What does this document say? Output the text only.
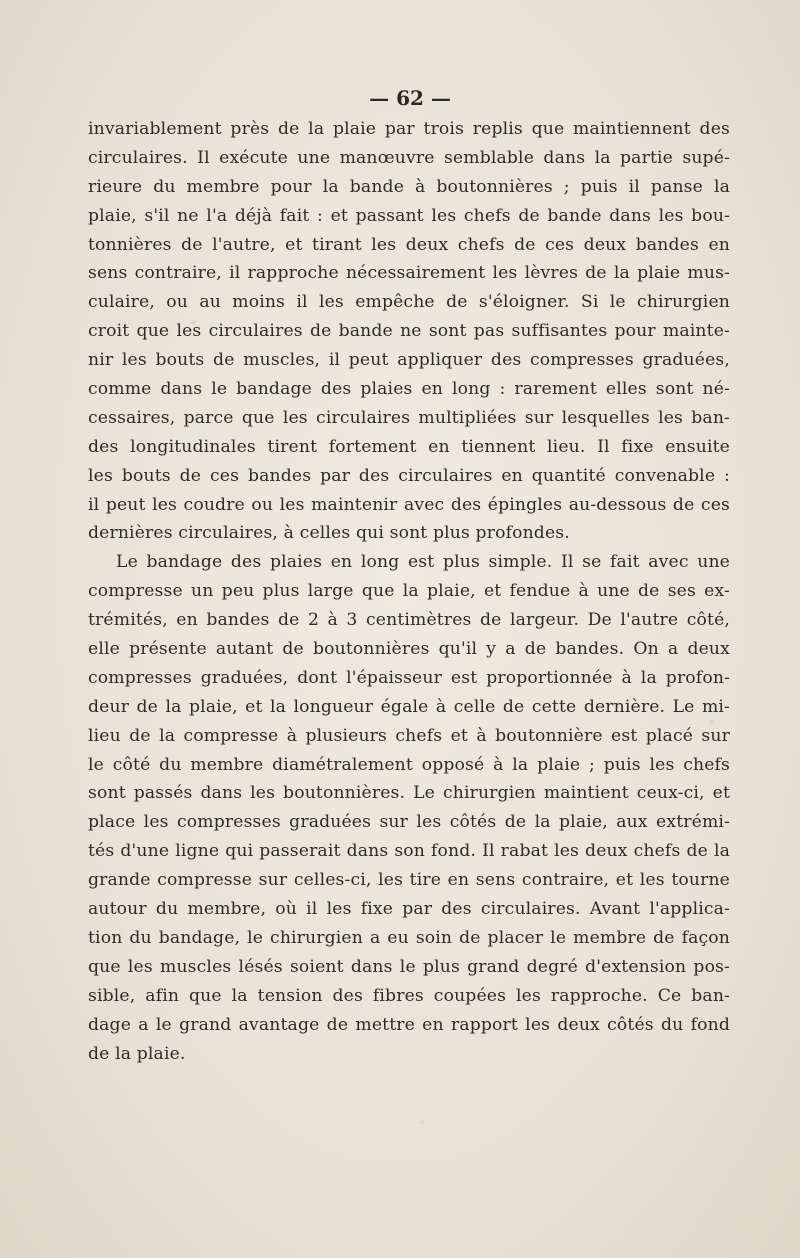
— 62 —
invariablement près de la plaie par trois replis que maintiennent des
circulaires. Il exécute une manœuvre semblable dans la partie supé-
rieure du membre pour la bande à boutonnières ; puis il panse la
plaie, s'il ne l'a déjà fait : et passant les chefs de bande dans les bou-
tonnières de l'autre, et tirant les deux chefs de ces deux bandes en
sens contraire, il rapproche nécessairement les lèvres de la plaie mus-
culaire, ou au moins il les empêche de s'éloigner. Si le chirurgien
croit que les circulaires de bande ne sont pas suffisantes pour mainte-
nir les bouts de muscles, il peut appliquer des compresses graduées,
comme dans le bandage des plaies en long : rarement elles sont né-
cessaires, parce que les circulaires multipliées sur lesquelles les ban-
des longitudinales tirent fortement en tiennent lieu. Il fixe ensuite
les bouts de ces bandes par des circulaires en quantité convenable :
il peut les coudre ou les maintenir avec des épingles au-dessous de ces
dernières circulaires, à celles qui sont plus profondes.
Le bandage des plaies en long est plus simple. Il se fait avec une
compresse un peu plus large que la plaie, et fendue à une de ses ex-
trémités, en bandes de 2 à 3 centimètres de largeur. De l'autre côté,
elle présente autant de boutonnières qu'il y a de bandes. On a deux
compresses graduées, dont l'épaisseur est proportionnée à la profon-
deur de la plaie, et la longueur égale à celle de cette dernière. Le mi-
lieu de la compresse à plusieurs chefs et à boutonnière est placé sur
le côté du membre diamétralement opposé à la plaie ; puis les chefs
sont passés dans les boutonnières. Le chirurgien maintient ceux-ci, et
place les compresses graduées sur les côtés de la plaie, aux extrémi-
tés d'une ligne qui passerait dans son fond. Il rabat les deux chefs de la
grande compresse sur celles-ci, les tire en sens contraire, et les tourne
autour du membre, où il les fixe par des circulaires. Avant l'applica-
tion du bandage, le chirurgien a eu soin de placer le membre de façon
que les muscles lésés soient dans le plus grand degré d'extension pos-
sible, afin que la tension des fibres coupées les rapproche. Ce ban-
dage a le grand avantage de mettre en rapport les deux côtés du fond
de la plaie.
